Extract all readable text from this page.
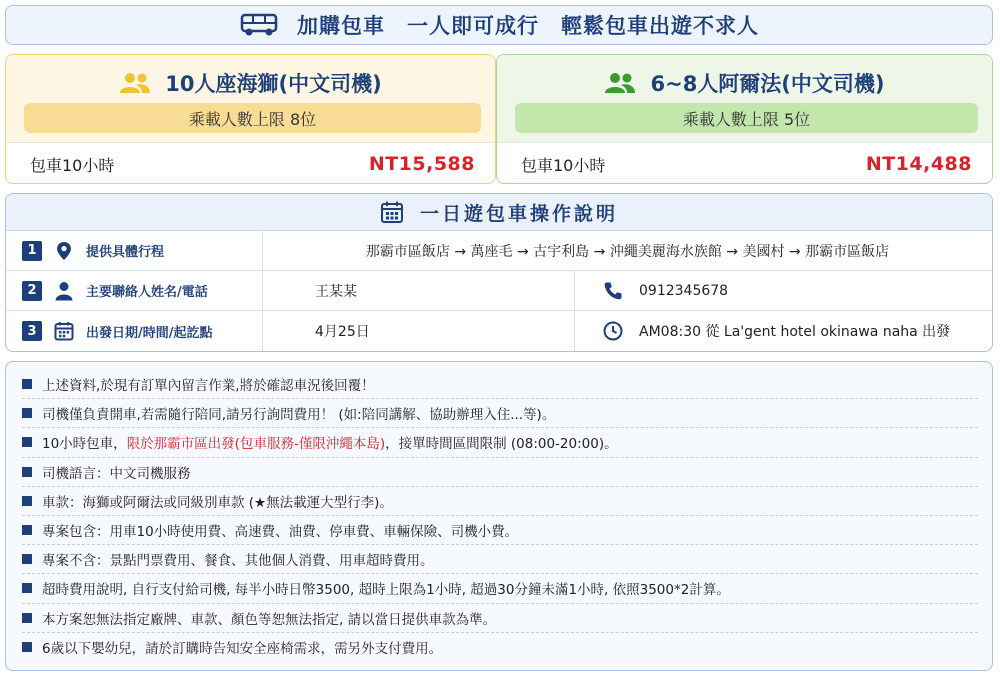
加購包車　一人即可成行　輕鬆包車出遊不求人
10人座海獅(中文司機)
乘載人數上限 8位
包車10小時	NT15,588
6~8人阿爾法(中文司機)
乘載人數上限 5位
包車10小時	NT14,488
一日遊包車操作說明
1	提供具體行程	那霸市區飯店 → 萬座毛 → 古宇利島 → 沖繩美麗海水族館 → 美國村 → 那霸市區飯店
2	主要聯絡人姓名/電話	王某某	0912345678
3	出發日期/時間/起訖點	4月25日	AM08:30 從 La'gent hotel okinawa naha 出發
上述資料,於現有訂單內留言作業,將於確認車況後回覆！
司機僅負責開車,若需隨行陪同,請另行詢問費用！ (如:陪同講解、協助辦理入住...等)。
10小時包車，限於那霸市區出發(包車服務-僅限沖繩本島)，接單時間區間限制 (08:00-20:00)。
司機語言：中文司機服務
車款：海獅或阿爾法或同級別車款 (★無法載運大型行李)。
專案包含：用車10小時使用費、高速費、油費、停車費、車輛保險、司機小費。
專案不含：景點門票費用、餐食、其他個人消費、用車超時費用。
超時費用說明, 自行支付給司機, 每半小時日幣3500, 超時上限為1小時, 超過30分鐘未滿1小時, 依照3500*2計算。
本方案恕無法指定廠牌、車款、顏色等恕無法指定, 請以當日提供車款為準。
6歲以下嬰幼兒，請於訂購時告知安全座椅需求，需另外支付費用。
